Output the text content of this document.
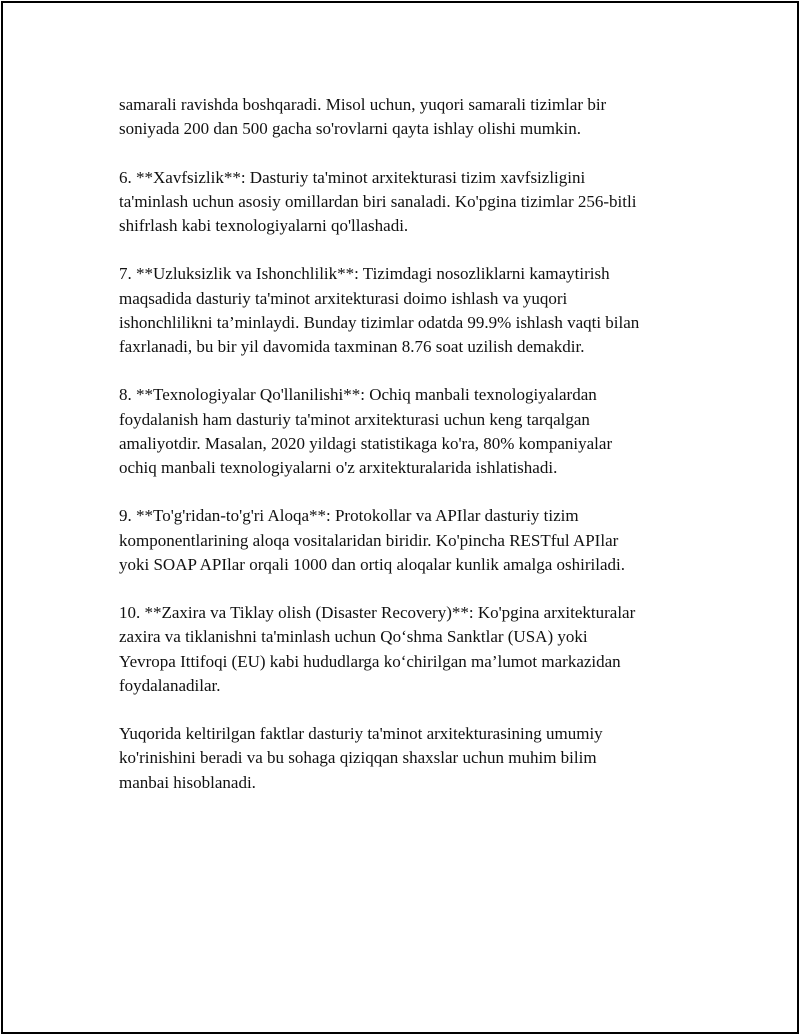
samarali ravishda boshqaradi. Misol uchun, yuqori samarali tizimlar bir
soniyada 200 dan 500 gacha so'rovlarni qayta ishlay olishi mumkin.

6. **Xavfsizlik**: Dasturiy ta'minot arxitekturasi tizim xavfsizligini
ta'minlash uchun asosiy omillardan biri sanaladi. Ko'pgina tizimlar 256-bitli
shifrlash kabi texnologiyalarni qo'llashadi.

7. **Uzluksizlik va Ishonchlilik**: Tizimdagi nosozliklarni kamaytirish
maqsadida dasturiy ta'minot arxitekturasi doimo ishlash va yuqori
ishonchlilikni ta’minlaydi. Bunday tizimlar odatda 99.9% ishlash vaqti bilan
faxrlanadi, bu bir yil davomida taxminan 8.76 soat uzilish demakdir.

8. **Texnologiyalar Qo'llanilishi**: Ochiq manbali texnologiyalardan
foydalanish ham dasturiy ta'minot arxitekturasi uchun keng tarqalgan
amaliyotdir. Masalan, 2020 yildagi statistikaga ko'ra, 80% kompaniyalar
ochiq manbali texnologiyalarni o'z arxitekturalarida ishlatishadi.

9. **To'g'ridan-to'g'ri Aloqa**: Protokollar va APIlar dasturiy tizim
komponentlarining aloqa vositalaridan biridir. Ko'pincha RESTful APIlar
yoki SOAP APIlar orqali 1000 dan ortiq aloqalar kunlik amalga oshiriladi.

10. **Zaxira va Tiklay olish (Disaster Recovery)**: Ko'pgina arxitekturalar
zaxira va tiklanishni ta'minlash uchun Qo‘shma Sanktlar (USA) yoki
Yevropa Ittifoqi (EU) kabi hududlarga ko‘chirilgan ma’lumot markazidan
foydalanadilar.

Yuqorida keltirilgan faktlar dasturiy ta'minot arxitekturasining umumiy
ko'rinishini beradi va bu sohaga qiziqqan shaxslar uchun muhim bilim
manbai hisoblanadi.
